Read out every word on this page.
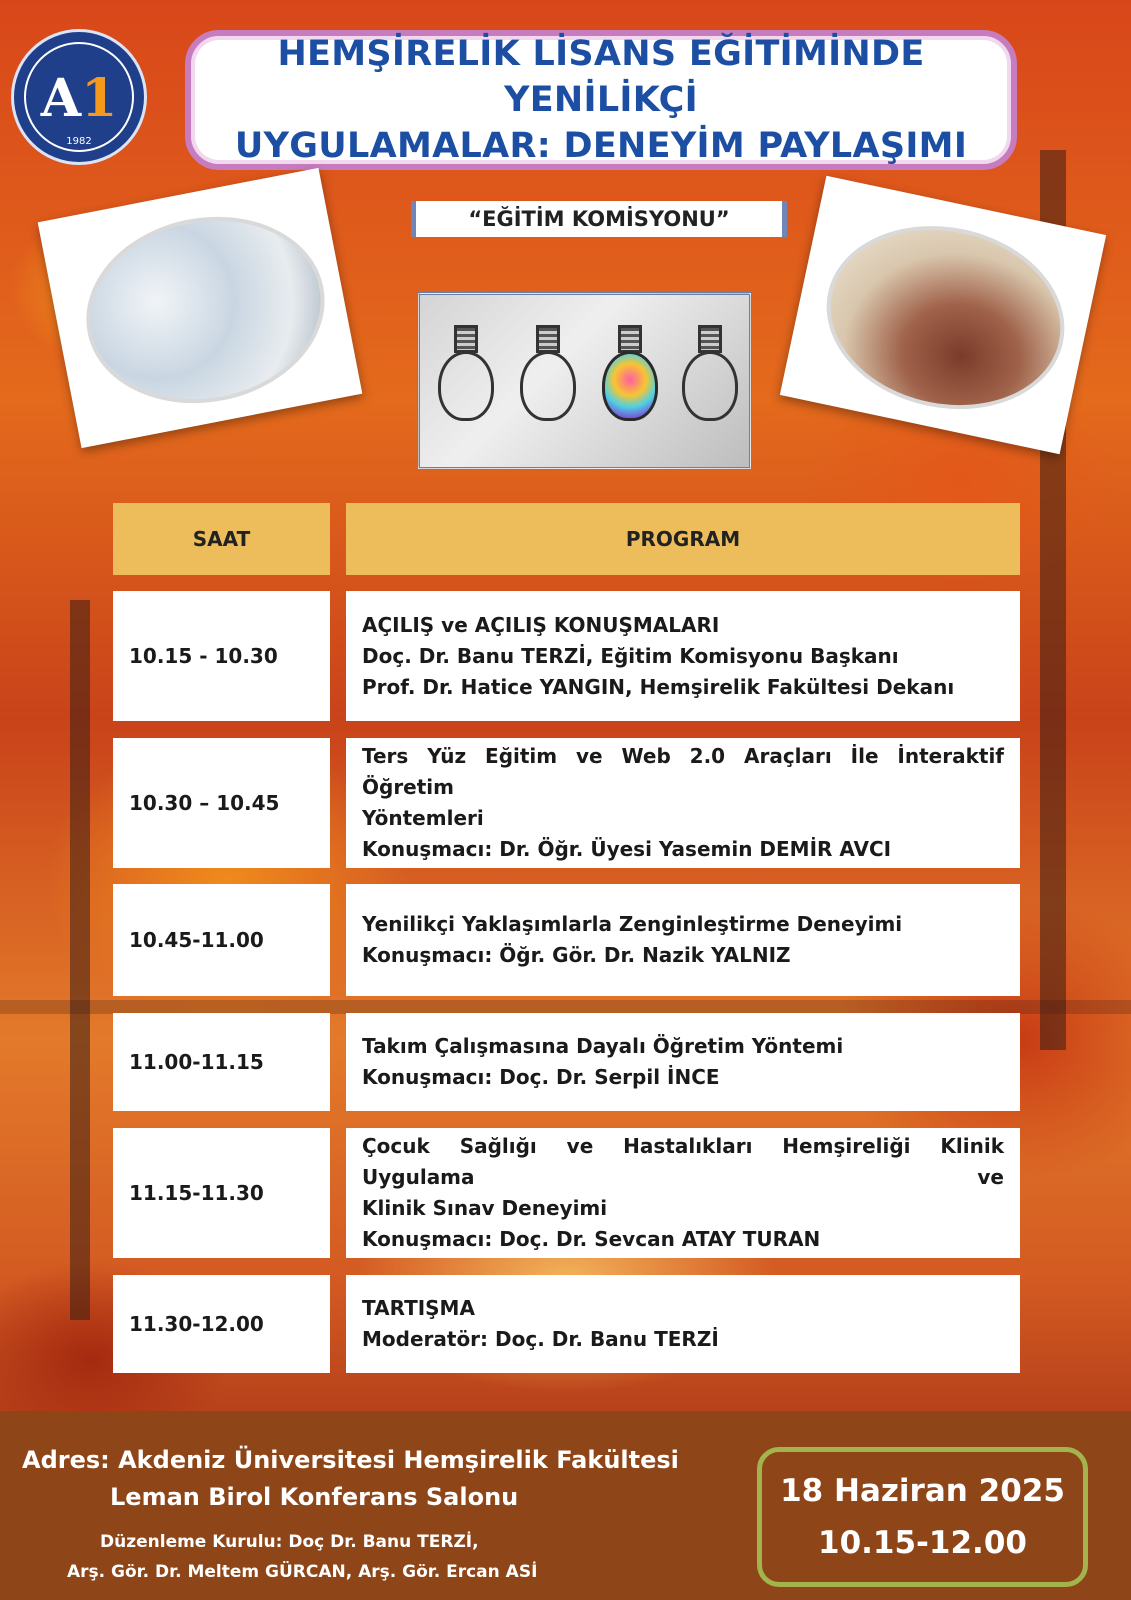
A1
1982
HEMŞİRELİK LİSANS EĞİTİMİNDE YENİLİKÇİ
UYGULAMALAR: DENEYİM PAYLAŞIMI
“EĞİTİM KOMİSYONU”
SAAT	PROGRAM
10.15 - 10.30
AÇILIŞ ve AÇILIŞ KONUŞMALARI
Doç. Dr. Banu TERZİ, Eğitim Komisyonu Başkanı
Prof. Dr. Hatice YANGIN, Hemşirelik Fakültesi Dekanı
10.30 – 10.45
Ters Yüz Eğitim ve Web 2.0 Araçları İle İnteraktif Öğretim
Yöntemleri
Konuşmacı: Dr. Öğr. Üyesi Yasemin DEMİR AVCI
10.45-11.00
Yenilikçi Yaklaşımlarla Zenginleştirme Deneyimi
Konuşmacı: Öğr. Gör. Dr. Nazik YALNIZ
11.00-11.15
Takım Çalışmasına Dayalı Öğretim Yöntemi
Konuşmacı: Doç. Dr. Serpil İNCE
11.15-11.30
Çocuk Sağlığı ve Hastalıkları Hemşireliği Klinik Uygulama ve
Klinik Sınav Deneyimi
Konuşmacı: Doç. Dr. Sevcan ATAY TURAN
11.30-12.00
TARTIŞMA
Moderatör: Doç. Dr. Banu TERZİ
Adres: Akdeniz Üniversitesi Hemşirelik Fakültesi
Leman Birol Konferans Salonu
Düzenleme Kurulu: Doç Dr. Banu TERZİ,
Arş. Gör. Dr. Meltem GÜRCAN, Arş. Gör. Ercan ASİ
18 Haziran 2025
10.15-12.00
